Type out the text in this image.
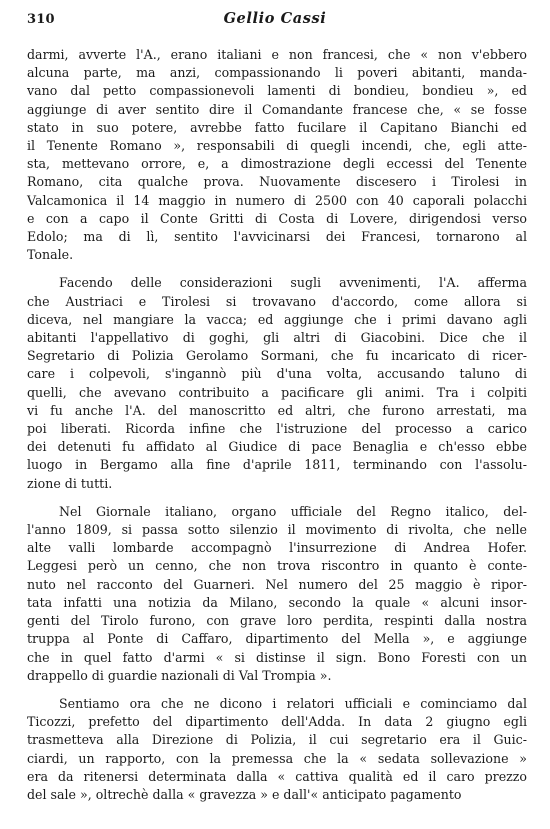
310	Gellio Cassi
darmi, avverte l'A., erano italiani e non francesi, che « non v'ebbero
alcuna parte, ma anzi, compassionando li poveri abitanti, manda-
vano dal petto compassionevoli lamenti di bondieu, bondieu », ed
aggiunge di aver sentito dire il Comandante francese che, « se fosse
stato in suo potere, avrebbe fatto fucilare il Capitano Bianchi ed
il Tenente Romano », responsabili di quegli incendi, che, egli atte-
sta, mettevano orrore, e, a dimostrazione degli eccessi del Tenente
Romano, cita qualche prova. Nuovamente discesero i Tirolesi in
Valcamonica il 14 maggio in numero di 2500 con 40 caporali polacchi
e con a capo il Conte Gritti di Costa di Lovere, dirigendosi verso
Edolo; ma di lì, sentito l'avvicinarsi dei Francesi, tornarono al
Tonale.
Facendo delle considerazioni sugli avvenimenti, l'A. afferma
che Austriaci e Tirolesi si trovavano d'accordo, come allora si
diceva, nel mangiare la vacca; ed aggiunge che i primi davano agli
abitanti l'appellativo di goghi, gli altri di Giacobini. Dice che il
Segretario di Polizia Gerolamo Sormani, che fu incaricato di ricer-
care i colpevoli, s'ingannò più d'una volta, accusando taluno di
quelli, che avevano contribuito a pacificare gli animi. Tra i colpiti
vi fu anche l'A. del manoscritto ed altri, che furono arrestati, ma
poi liberati. Ricorda infine che l'istruzione del processo a carico
dei detenuti fu affidato al Giudice di pace Benaglia e ch'esso ebbe
luogo in Bergamo alla fine d'aprile 1811, terminando con l'assolu-
zione di tutti.
Nel Giornale italiano, organo ufficiale del Regno italico, del-
l'anno 1809, si passa sotto silenzio il movimento di rivolta, che nelle
alte valli lombarde accompagnò l'insurrezione di Andrea Hofer.
Leggesi però un cenno, che non trova riscontro in quanto è conte-
nuto nel racconto del Guarneri. Nel numero del 25 maggio è ripor-
tata infatti una notizia da Milano, secondo la quale « alcuni insor-
genti del Tirolo furono, con grave loro perdita, respinti dalla nostra
truppa al Ponte di Caffaro, dipartimento del Mella », e aggiunge
che in quel fatto d'armi « si distinse il sign. Bono Foresti con un
drappello di guardie nazionali di Val Trompia ».
Sentiamo ora che ne dicono i relatori ufficiali e cominciamo dal
Ticozzi, prefetto del dipartimento dell'Adda. In data 2 giugno egli
trasmetteva alla Direzione di Polizia, il cui segretario era il Guic-
ciardi, un rapporto, con la premessa che la « sedata sollevazione »
era da ritenersi determinata dalla « cattiva qualità ed il caro prezzo
del sale », oltrechè dalla « gravezza » e dall'« anticipato pagamento
